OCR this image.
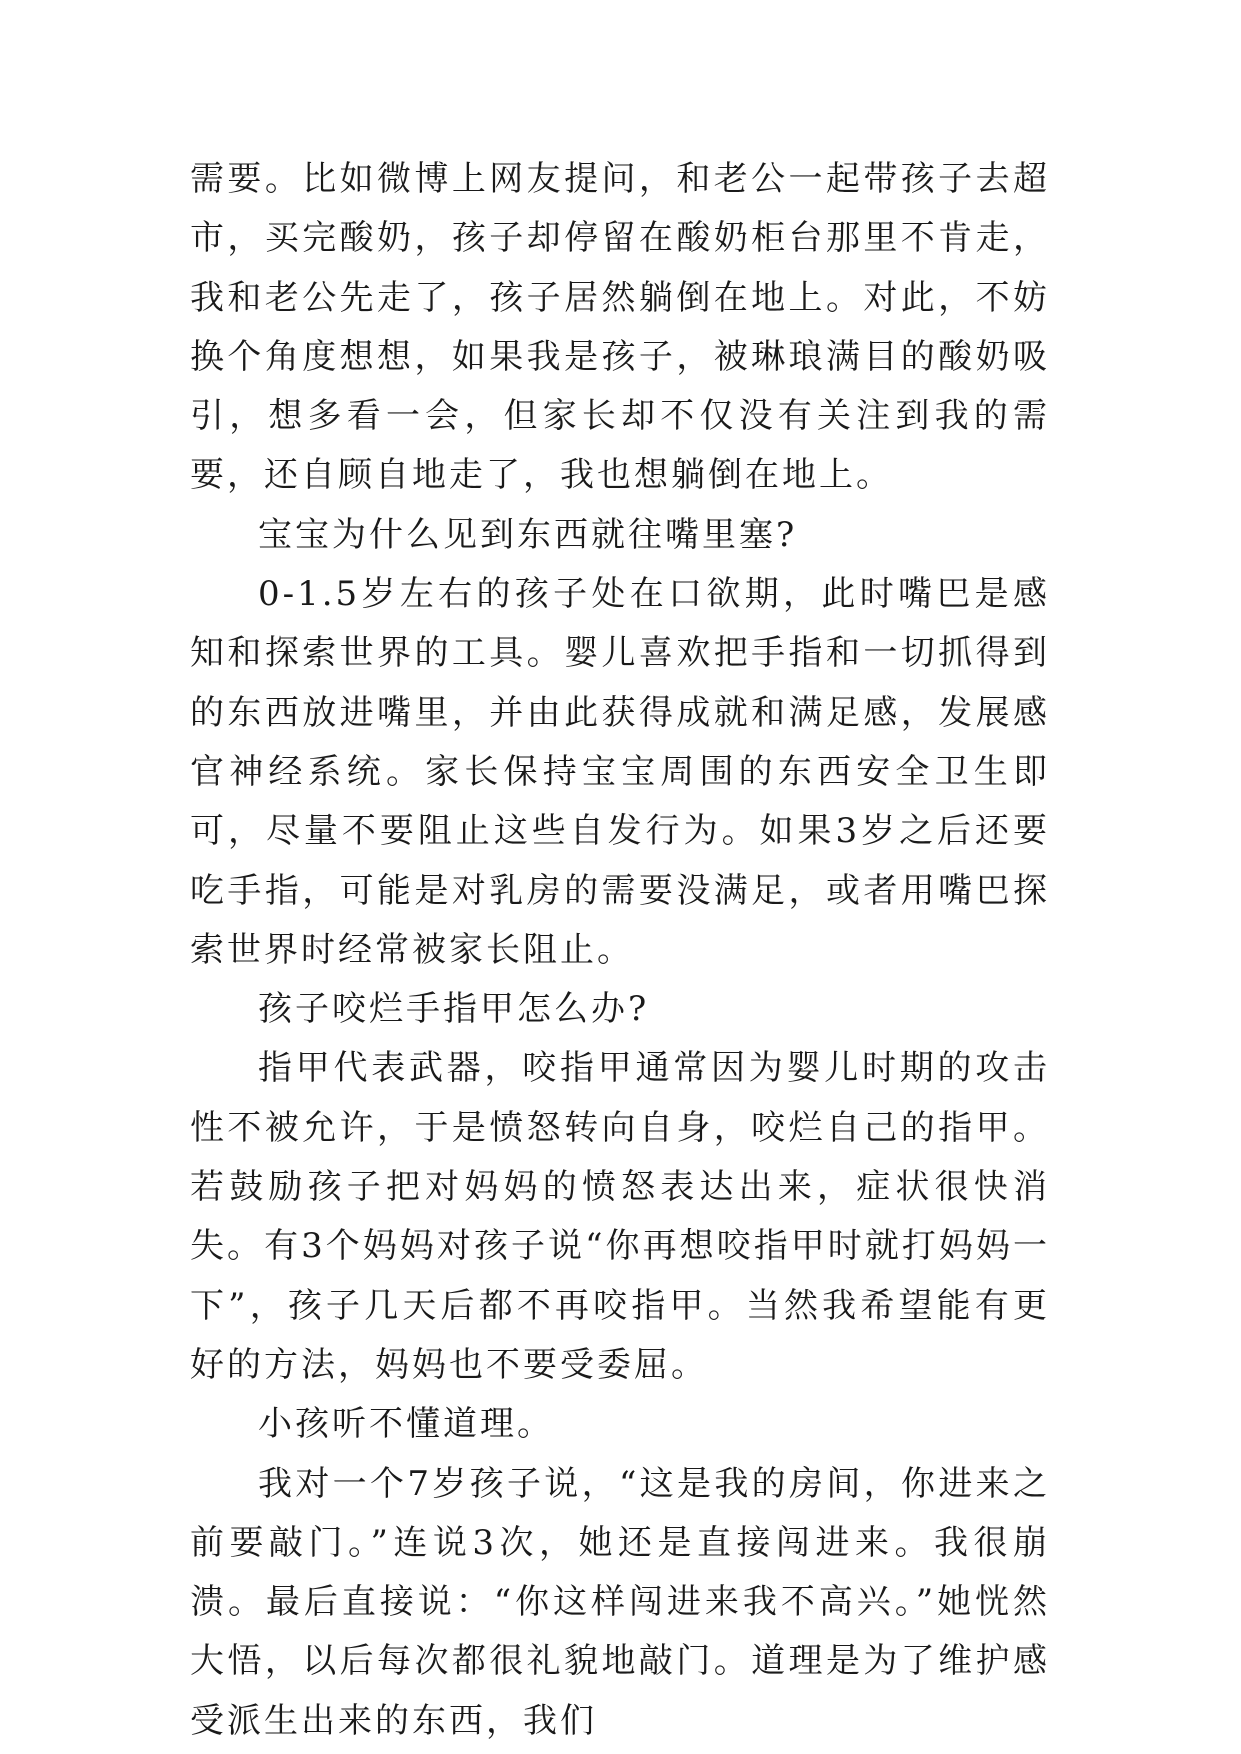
需要。比如微博上网友提问，和老公一起带孩子去超市，买完酸奶，孩子却停留在酸奶柜台那里不肯走，我和老公先走了，孩子居然躺倒在地上。对此，不妨换个角度想想，如果我是孩子，被琳琅满目的酸奶吸引，想多看一会，但家长却不仅没有关注到我的需要，还自顾自地走了，我也想躺倒在地上。

宝宝为什么见到东西就往嘴里塞?

0-1.5岁左右的孩子处在口欲期，此时嘴巴是感知和探索世界的工具。婴儿喜欢把手指和一切抓得到的东西放进嘴里，并由此获得成就和满足感，发展感官神经系统。家长保持宝宝周围的东西安全卫生即可，尽量不要阻止这些自发行为。如果3岁之后还要吃手指，可能是对乳房的需要没满足，或者用嘴巴探索世界时经常被家长阻止。

孩子咬烂手指甲怎么办?

指甲代表武器，咬指甲通常因为婴儿时期的攻击性不被允许，于是愤怒转向自身，咬烂自己的指甲。若鼓励孩子把对妈妈的愤怒表达出来，症状很快消失。有3个妈妈对孩子说“你再想咬指甲时就打妈妈一下”，孩子几天后都不再咬指甲。当然我希望能有更好的方法，妈妈也不要受委屈。

小孩听不懂道理。

我对一个7岁孩子说，“这是我的房间，你进来之前要敲门。”连说3次，她还是直接闯进来。我很崩溃。最后直接说：“你这样闯进来我不高兴。”她恍然大悟，以后每次都很礼貌地敲门。道理是为了维护感受派生出来的东西，我们
